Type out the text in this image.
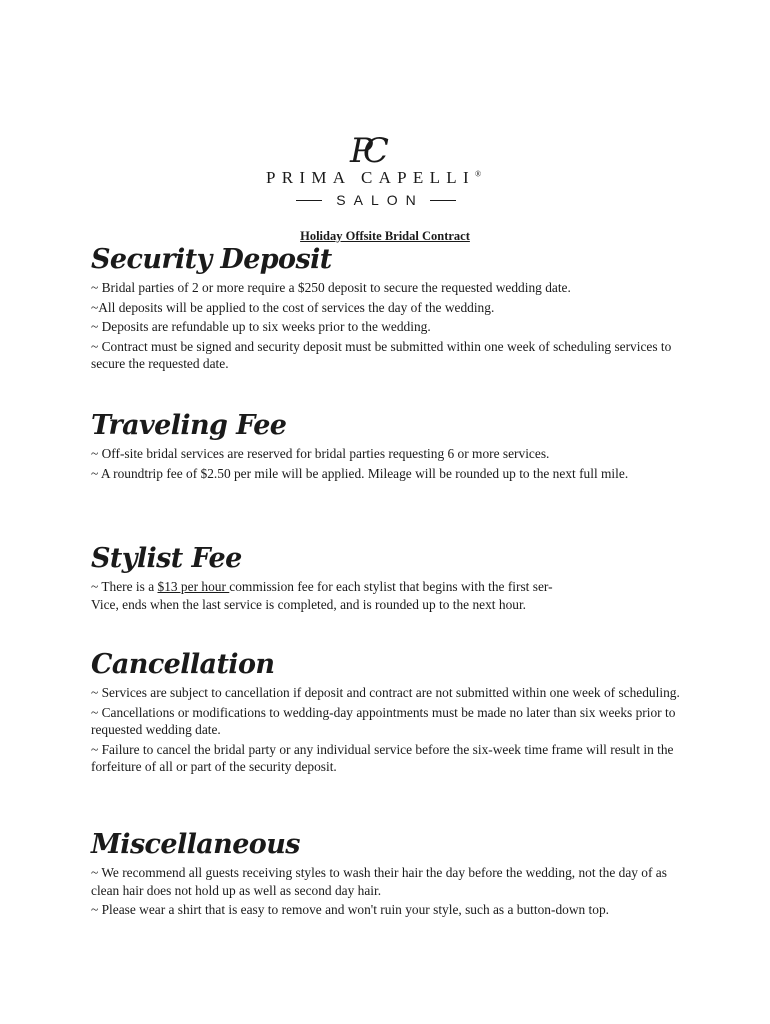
PC
PRIMA CAPELLI®
SALON
Holiday Offsite Bridal Contract
Security Deposit

~ Bridal parties of 2 or more require a $250 deposit to secure the requested wedding date.

~All deposits will be applied to the cost of services the day of the wedding.

~ Deposits are refundable up to six weeks prior to the wedding.

~ Contract must be signed and security deposit must be submitted within one week of scheduling services to secure the requested date.

Traveling Fee

~ Off-site bridal services are reserved for bridal parties requesting 6 or more services.

~ A roundtrip fee of $2.50 per mile will be applied. Mileage will be rounded up to the next full mile.

Stylist Fee

~ There is a $13 per hour commission fee for each stylist that begins with the first ser-
Vice, ends when the last service is completed, and is rounded up to the next hour.

Cancellation

~ Services are subject to cancellation if deposit and contract are not submitted within one week of scheduling.

~ Cancellations or modifications to wedding-day appointments must be made no later than six weeks prior to requested wedding date.

~ Failure to cancel the bridal party or any individual service before the six-week time frame will result in the forfeiture of all or part of the security deposit.

Miscellaneous

~ We recommend all guests receiving styles to wash their hair the day before the wedding, not the day of as clean hair does not hold up as well as second day hair.

~ Please wear a shirt that is easy to remove and won't ruin your style, such as a button-down top.
